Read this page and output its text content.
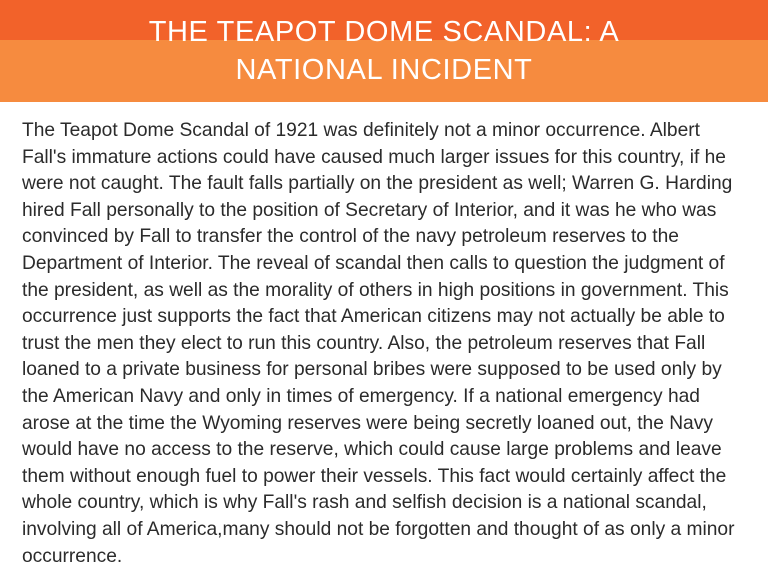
THE TEAPOT DOME SCANDAL: A
NATIONAL INCIDENT
The Teapot Dome Scandal of 1921 was definitely not a minor occurrence. Albert Fall's immature actions could have caused much larger issues for this country, if he were not caught. The fault falls partially on the president as well; Warren G. Harding hired Fall personally to the position of Secretary of Interior, and it was he who was convinced by Fall to transfer the control of the navy petroleum reserves to the Department of Interior. The reveal of scandal then calls to question the judgment of the president, as well as the morality of others in high positions in government. This occurrence just supports the fact that American citizens may not actually be able to trust the men they elect to run this country. Also, the petroleum reserves that Fall loaned to a private business for personal bribes were supposed to be used only by the American Navy and only in times of emergency. If a national emergency had arose at the time the Wyoming reserves were being secretly loaned out, the Navy would have no access to the reserve, which could cause large problems and leave them without enough fuel to power their vessels. This fact would certainly affect the whole country, which is why Fall's rash and selfish decision is a national scandal, involving all of America,many should not be forgotten and thought of as only a minor occurrence.
